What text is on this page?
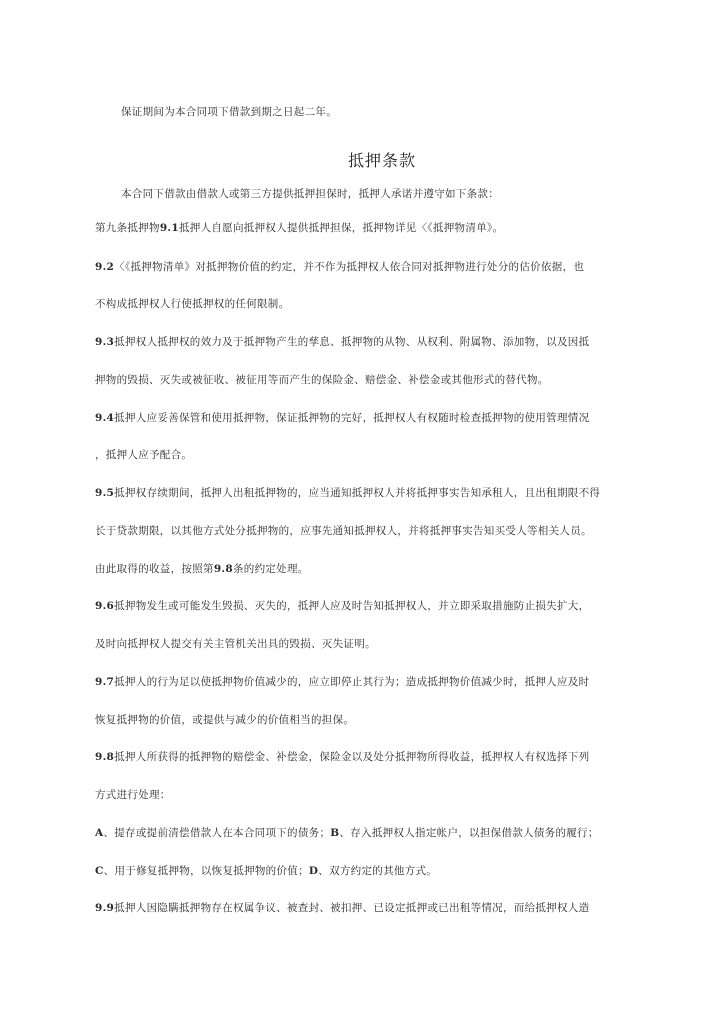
保证期间为本合同项下借款到期之日起二年。
抵押条款
本合同下借款由借款人或第三方提供抵押担保时，抵押人承诺并遵守如下条款：
第九条抵押物9.1抵押人自愿向抵押权人提供抵押担保，抵押物详见〈《抵押物清单》。
9.2〈《抵押物清单》对抵押物价值的约定，并不作为抵押权人依合同对抵押物进行处分的估价依据，也
不构成抵押权人行使抵押权的任何限制。
9.3抵押权人抵押权的效力及于抵押物产生的孳息、抵押物的从物、从权利、附属物、添加物，以及因抵
押物的毁损、灭失或被征收、被征用等而产生的保险金、赔偿金、补偿金或其他形式的替代物。
9.4抵押人应妥善保管和使用抵押物，保证抵押物的完好，抵押权人有权随时检查抵押物的使用管理情况
，抵押人应予配合。
9.5抵押权存续期间，抵押人出租抵押物的，应当通知抵押权人并将抵押事实告知承租人，且出租期限不得
长于贷款期限，以其他方式处分抵押物的，应事先通知抵押权人，并将抵押事实告知买受人等相关人员。
由此取得的收益，按照第9.8条的约定处理。
9.6抵押物发生或可能发生毁损、灭失的，抵押人应及时告知抵押权人，并立即采取措施防止损失扩大，
及时向抵押权人提交有关主管机关出具的毁损、灭失证明。
9.7抵押人的行为足以使抵押物价值减少的，应立即停止其行为；造成抵押物价值减少时，抵押人应及时
恢复抵押物的价值，或提供与减少的价值相当的担保。
9.8抵押人所获得的抵押物的赔偿金、补偿金，保险金以及处分抵押物所得收益，抵押权人有权选择下列
方式进行处理：
A、提存或提前清偿借款人在本合同项下的债务；B、存入抵押权人指定帐户，以担保借款人债务的履行；
C、用于修复抵押物，以恢复抵押物的价值；D、双方约定的其他方式。
9.9抵押人因隐瞒抵押物存在权属争议、被查封、被扣押、已设定抵押或已出租等情况，而给抵押权人造
